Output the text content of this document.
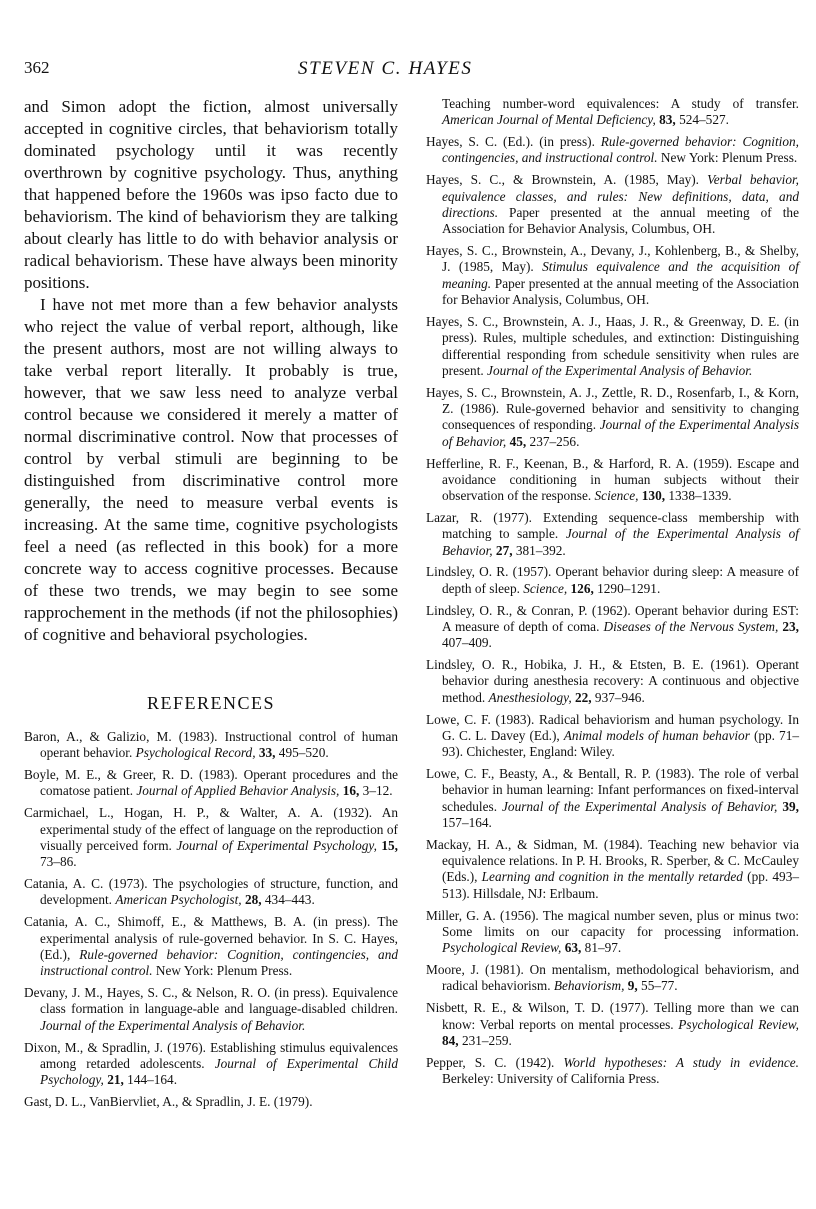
362	STEVEN C. HAYES

and Simon adopt the fiction, almost universally accepted in cognitive circles, that behaviorism totally dominated psychology until it was recently overthrown by cognitive psychology. Thus, anything that happened before the 1960s was ipso facto due to behaviorism. The kind of behaviorism they are talking about clearly has little to do with behavior analysis or radical behaviorism. These have always been minority positions.

I have not met more than a few behavior analysts who reject the value of verbal report, although, like the present authors, most are not willing always to take verbal report literally. It probably is true, however, that we saw less need to analyze verbal control because we considered it merely a matter of normal discriminative control. Now that processes of control by verbal stimuli are beginning to be distinguished from discriminative control more generally, the need to measure verbal events is increasing. At the same time, cognitive psychologists feel a need (as reflected in this book) for a more concrete way to access cognitive processes. Because of these two trends, we may begin to see some rapprochement in the methods (if not the philosophies) of cognitive and behavioral psychologies.

REFERENCES

Baron, A., & Galizio, M. (1983). Instructional control of human operant behavior. Psychological Record, 33, 495–520.

Boyle, M. E., & Greer, R. D. (1983). Operant procedures and the comatose patient. Journal of Applied Behavior Analysis, 16, 3–12.

Carmichael, L., Hogan, H. P., & Walter, A. A. (1932). An experimental study of the effect of language on the reproduction of visually perceived form. Journal of Experimental Psychology, 15, 73–86.

Catania, A. C. (1973). The psychologies of structure, function, and development. American Psychologist, 28, 434–443.

Catania, A. C., Shimoff, E., & Matthews, B. A. (in press). The experimental analysis of rule-governed behavior. In S. C. Hayes, (Ed.), Rule-governed behavior: Cognition, contingencies, and instructional control. New York: Plenum Press.

Devany, J. M., Hayes, S. C., & Nelson, R. O. (in press). Equivalence class formation in language-able and language-disabled children. Journal of the Experimental Analysis of Behavior.

Dixon, M., & Spradlin, J. (1976). Establishing stimulus equivalences among retarded adolescents. Journal of Experimental Child Psychology, 21, 144–164.

Gast, D. L., VanBiervliet, A., & Spradlin, J. E. (1979).

Teaching number-word equivalences: A study of transfer. American Journal of Mental Deficiency, 83, 524–527.

Hayes, S. C. (Ed.). (in press). Rule-governed behavior: Cognition, contingencies, and instructional control. New York: Plenum Press.

Hayes, S. C., & Brownstein, A. (1985, May). Verbal behavior, equivalence classes, and rules: New definitions, data, and directions. Paper presented at the annual meeting of the Association for Behavior Analysis, Columbus, OH.

Hayes, S. C., Brownstein, A., Devany, J., Kohlenberg, B., & Shelby, J. (1985, May). Stimulus equivalence and the acquisition of meaning. Paper presented at the annual meeting of the Association for Behavior Analysis, Columbus, OH.

Hayes, S. C., Brownstein, A. J., Haas, J. R., & Greenway, D. E. (in press). Rules, multiple schedules, and extinction: Distinguishing differential responding from schedule sensitivity when rules are present. Journal of the Experimental Analysis of Behavior.

Hayes, S. C., Brownstein, A. J., Zettle, R. D., Rosenfarb, I., & Korn, Z. (1986). Rule-governed behavior and sensitivity to changing consequences of responding. Journal of the Experimental Analysis of Behavior, 45, 237–256.

Hefferline, R. F., Keenan, B., & Harford, R. A. (1959). Escape and avoidance conditioning in human subjects without their observation of the response. Science, 130, 1338–1339.

Lazar, R. (1977). Extending sequence-class membership with matching to sample. Journal of the Experimental Analysis of Behavior, 27, 381–392.

Lindsley, O. R. (1957). Operant behavior during sleep: A measure of depth of sleep. Science, 126, 1290–1291.

Lindsley, O. R., & Conran, P. (1962). Operant behavior during EST: A measure of depth of coma. Diseases of the Nervous System, 23, 407–409.

Lindsley, O. R., Hobika, J. H., & Etsten, B. E. (1961). Operant behavior during anesthesia recovery: A continuous and objective method. Anesthesiology, 22, 937–946.

Lowe, C. F. (1983). Radical behaviorism and human psychology. In G. C. L. Davey (Ed.), Animal models of human behavior (pp. 71–93). Chichester, England: Wiley.

Lowe, C. F., Beasty, A., & Bentall, R. P. (1983). The role of verbal behavior in human learning: Infant performances on fixed-interval schedules. Journal of the Experimental Analysis of Behavior, 39, 157–164.

Mackay, H. A., & Sidman, M. (1984). Teaching new behavior via equivalence relations. In P. H. Brooks, R. Sperber, & C. McCauley (Eds.), Learning and cognition in the mentally retarded (pp. 493–513). Hillsdale, NJ: Erlbaum.

Miller, G. A. (1956). The magical number seven, plus or minus two: Some limits on our capacity for processing information. Psychological Review, 63, 81–97.

Moore, J. (1981). On mentalism, methodological behaviorism, and radical behaviorism. Behaviorism, 9, 55–77.

Nisbett, R. E., & Wilson, T. D. (1977). Telling more than we can know: Verbal reports on mental processes. Psychological Review, 84, 231–259.

Pepper, S. C. (1942). World hypotheses: A study in evidence. Berkeley: University of California Press.
